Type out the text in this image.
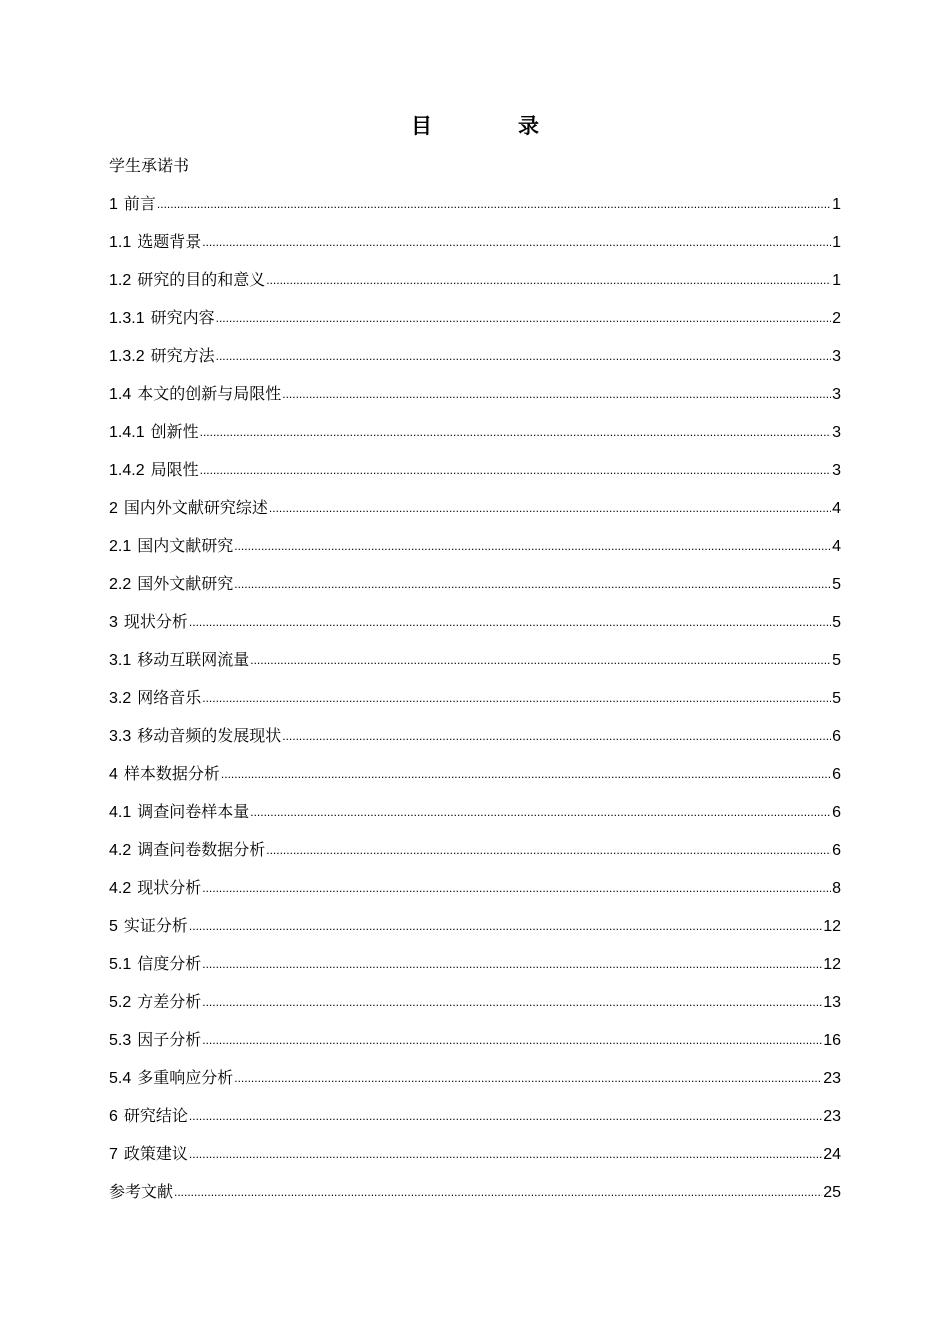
目录
学生承诺书
1 前言 .....	1
1.1 选题背景 .....	1
1.2 研究的目的和意义 .....	1
1.3.1 研究内容 .....	2
1.3.2 研究方法 .....	3
1.4 本文的创新与局限性 .....	3
1.4.1 创新性 .....	3
1.4.2 局限性 .....	3
2 国内外文献研究综述 .....	4
2.1 国内文献研究 .....	4
2.2 国外文献研究 .....	5
3 现状分析 .....	5
3.1 移动互联网流量 .....	5
3.2 网络音乐 .....	5
3.3 移动音频的发展现状 .....	6
4 样本数据分析 .....	6
4.1 调查问卷样本量 .....	6
4.2 调查问卷数据分析 .....	6
4.2 现状分析 .....	8
5 实证分析 .....	12
5.1 信度分析 .....	12
5.2 方差分析 .....	13
5.3 因子分析 .....	16
5.4 多重响应分析 .....	23
6 研究结论 .....	23
7 政策建议 .....	24
参考文献 .....	25
